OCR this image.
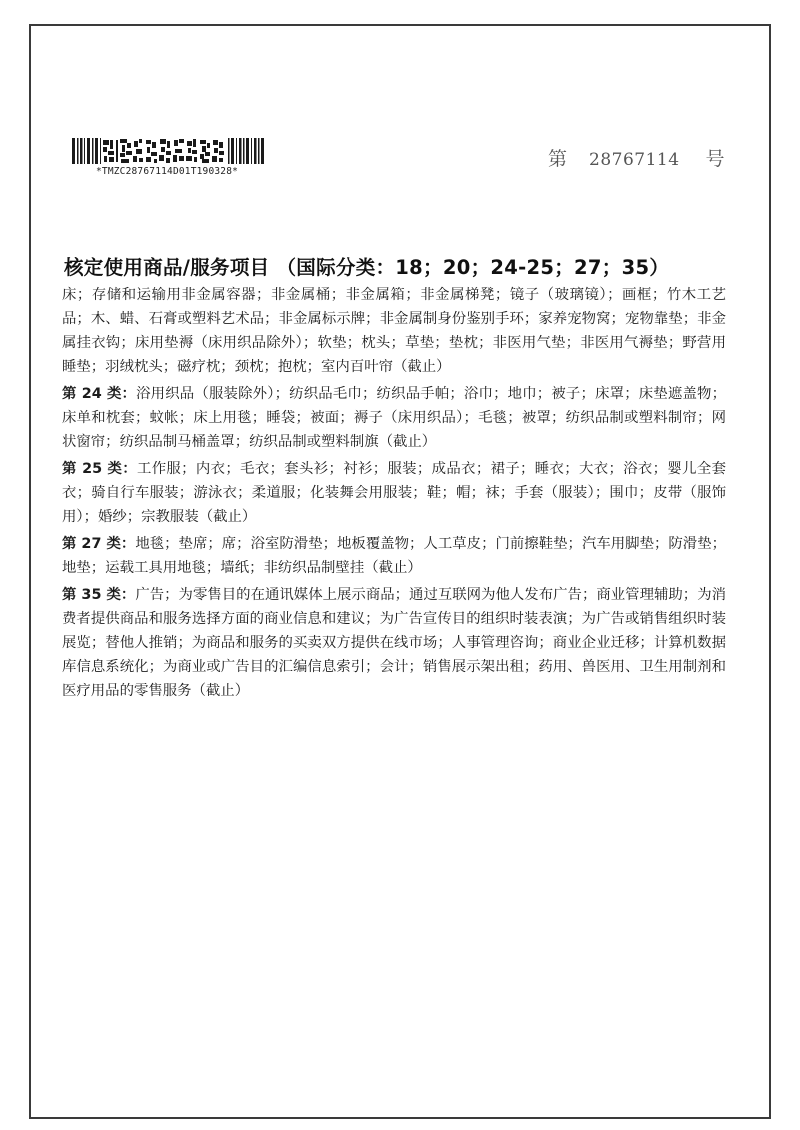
*TMZC28767114D01T190328*
第 28767114 号
核定使用商品/服务项目 （国际分类：18；20；24-25；27；35）

床；存储和运输用非金属容器；非金属桶；非金属箱；非金属梯凳；镜子（玻璃镜）；画框；竹木工艺品；木、蜡、石膏或塑料艺术品；非金属标示牌；非金属制身份鉴别手环；家养宠物窝；宠物靠垫；非金属挂衣钩；床用垫褥（床用织品除外）；软垫；枕头；草垫；垫枕；非医用气垫；非医用气褥垫；野营用睡垫；羽绒枕头；磁疗枕；颈枕；抱枕；室内百叶帘（截止）

第 24 类：浴用织品（服装除外）；纺织品毛巾；纺织品手帕；浴巾；地巾；被子；床罩；床垫遮盖物；床单和枕套；蚊帐；床上用毯；睡袋；被面；褥子（床用织品）；毛毯；被罩；纺织品制或塑料制帘；网状窗帘；纺织品制马桶盖罩；纺织品制或塑料制旗（截止）

第 25 类：工作服；内衣；毛衣；套头衫；衬衫；服装；成品衣；裙子；睡衣；大衣；浴衣；婴儿全套衣；骑自行车服装；游泳衣；柔道服；化装舞会用服装；鞋；帽；袜；手套（服装）；围巾；皮带（服饰用）；婚纱；宗教服装（截止）

第 27 类：地毯；垫席；席；浴室防滑垫；地板覆盖物；人工草皮；门前擦鞋垫；汽车用脚垫；防滑垫；地垫；运载工具用地毯；墙纸；非纺织品制壁挂（截止）

第 35 类：广告；为零售目的在通讯媒体上展示商品；通过互联网为他人发布广告；商业管理辅助；为消费者提供商品和服务选择方面的商业信息和建议；为广告宣传目的组织时装表演；为广告或销售组织时装展览；替他人推销；为商品和服务的买卖双方提供在线市场；人事管理咨询；商业企业迁移；计算机数据库信息系统化；为商业或广告目的汇编信息索引；会计；销售展示架出租；药用、兽医用、卫生用制剂和医疗用品的零售服务（截止）
